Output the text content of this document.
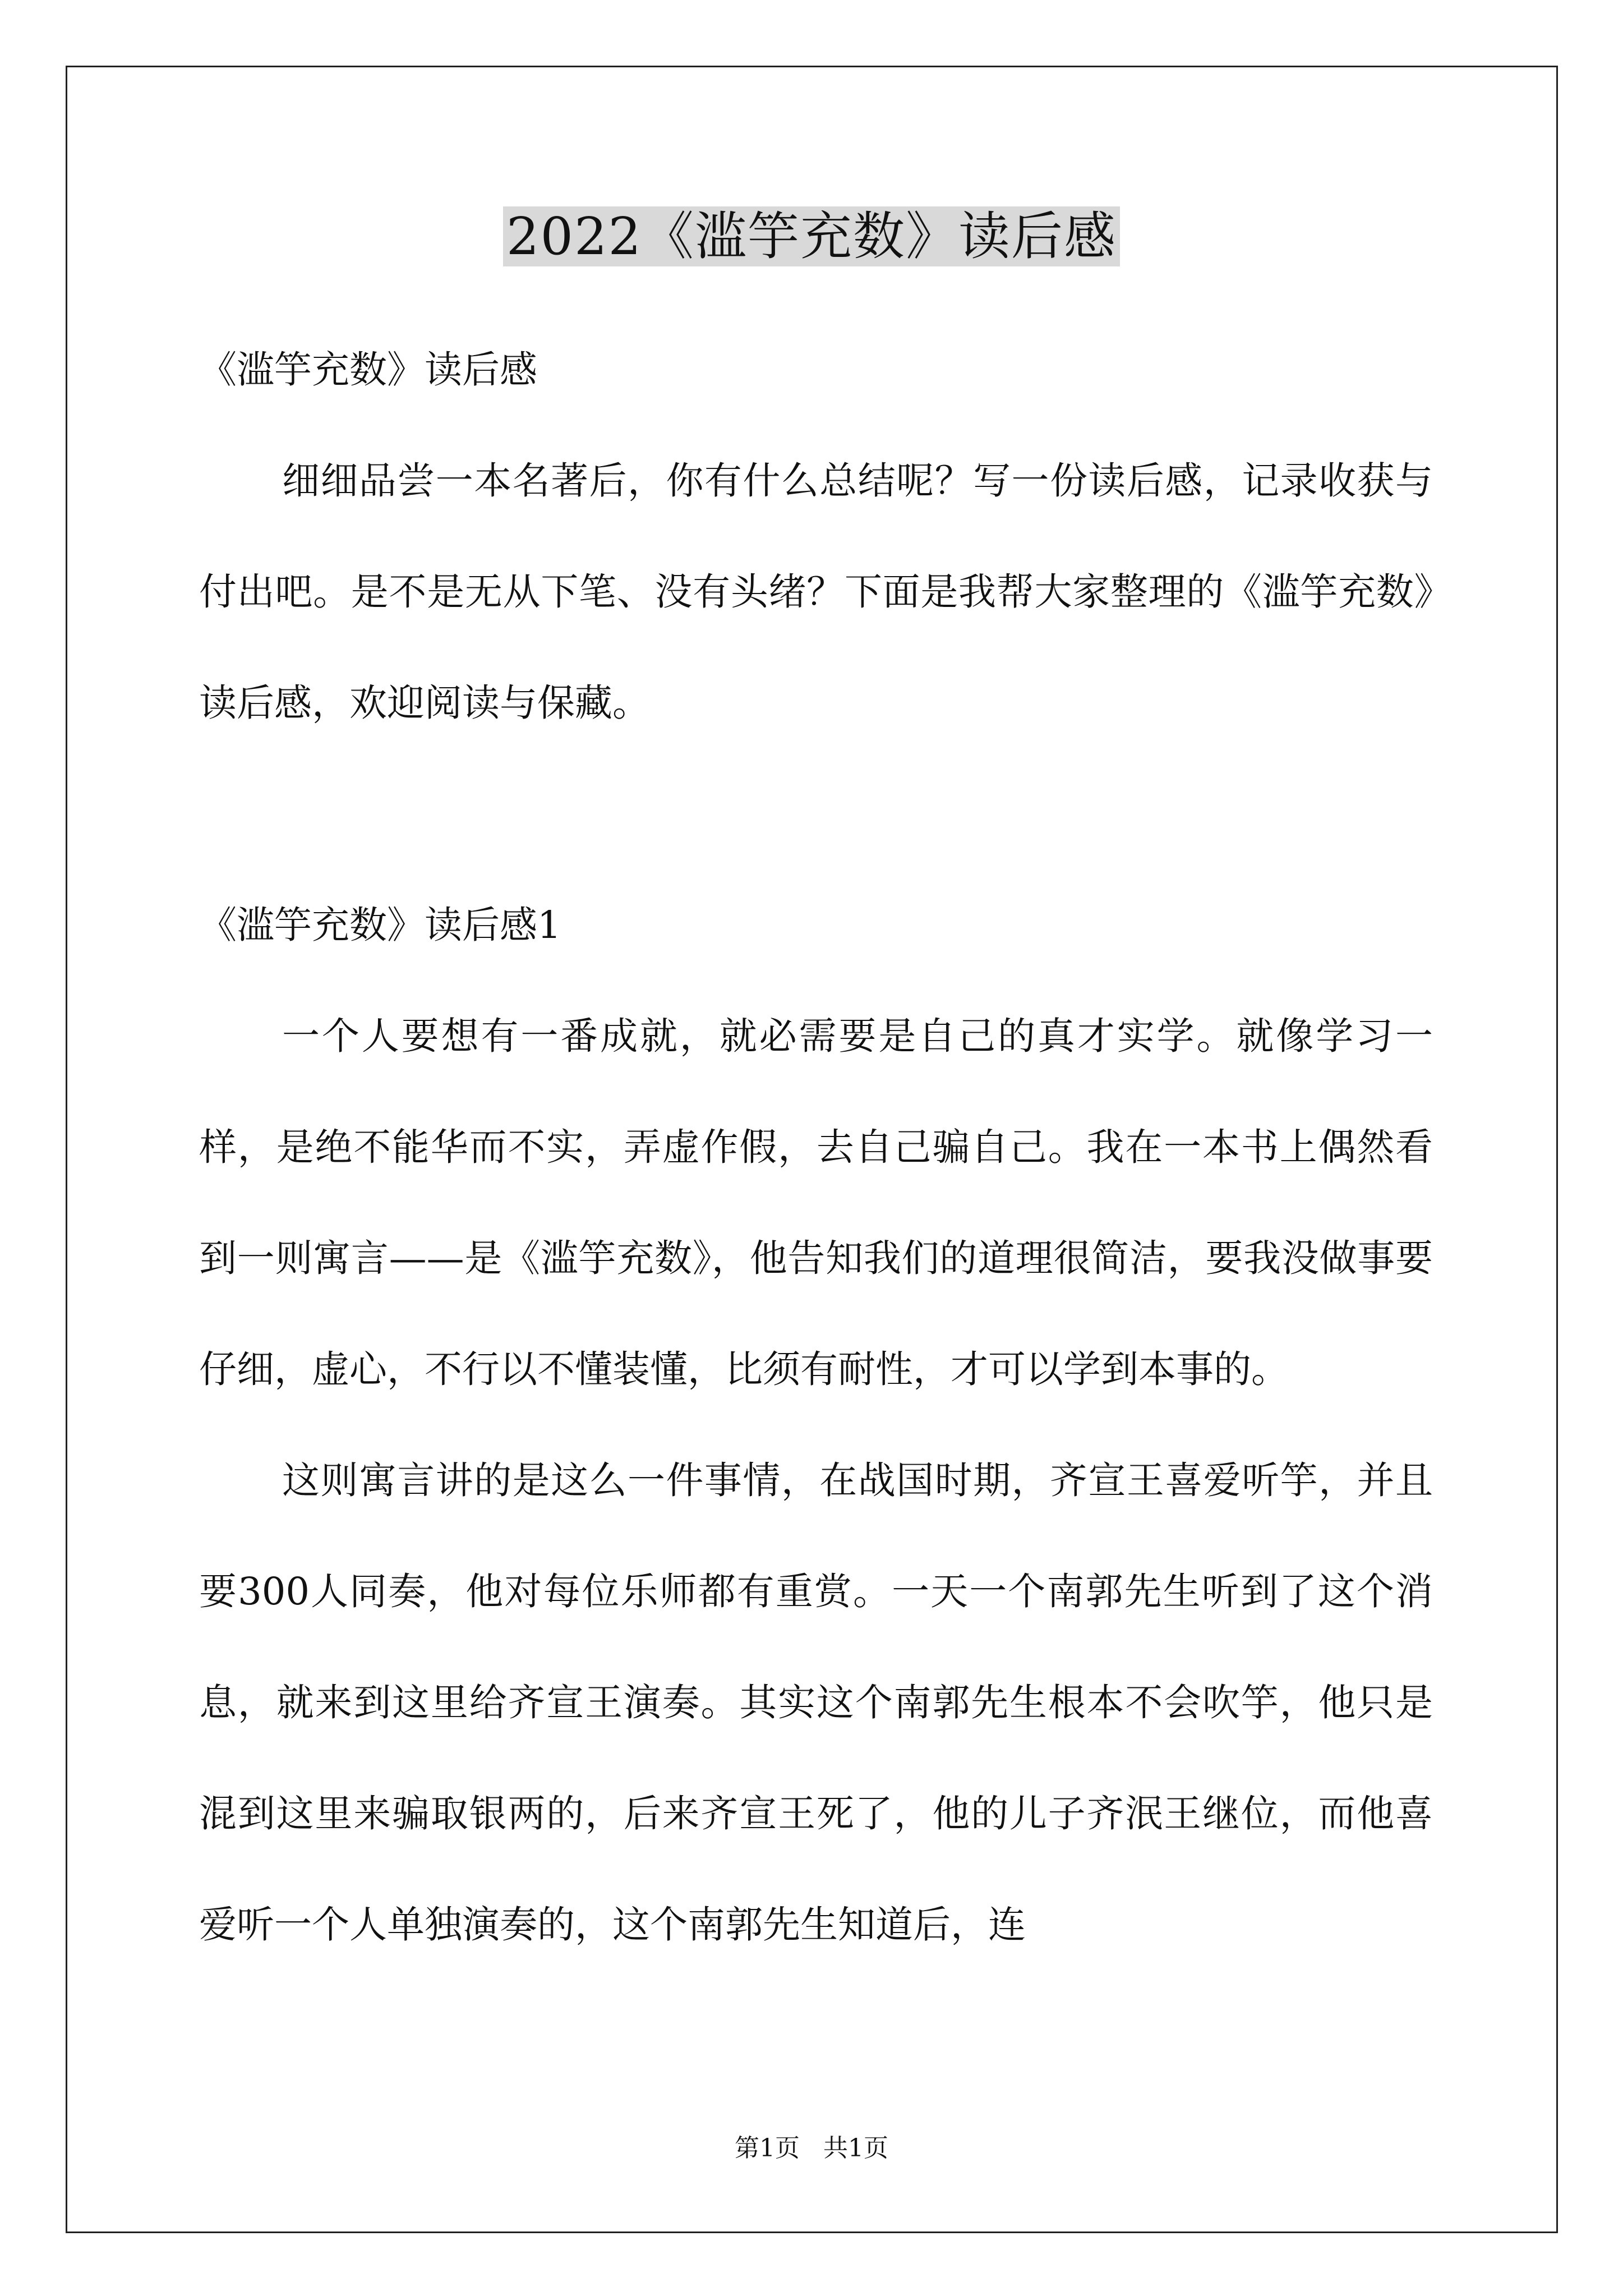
2022《滥竽充数》读后感

《滥竽充数》读后感

细细品尝一本名著后，你有什么总结呢？写一份读后感，记录收获与付出吧。是不是无从下笔、没有头绪？下面是我帮大家整理的《滥竽充数》读后感，欢迎阅读与保藏。

《滥竽充数》读后感1

一个人要想有一番成就，就必需要是自己的真才实学。就像学习一样，是绝不能华而不实，弄虚作假，去自己骗自己。我在一本书上偶然看到一则寓言——是《滥竽充数》，他告知我们的道理很简洁，要我没做事要仔细，虚心，不行以不懂装懂，比须有耐性，才可以学到本事的。

这则寓言讲的是这么一件事情，在战国时期，齐宣王喜爱听竽，并且要300人同奏，他对每位乐师都有重赏。一天一个南郭先生听到了这个消息，就来到这里给齐宣王演奏。其实这个南郭先生根本不会吹竽，他只是混到这里来骗取银两的，后来齐宣王死了，他的儿子齐泯王继位，而他喜爱听一个人单独演奏的，这个南郭先生知道后，连

第1页 共1页
